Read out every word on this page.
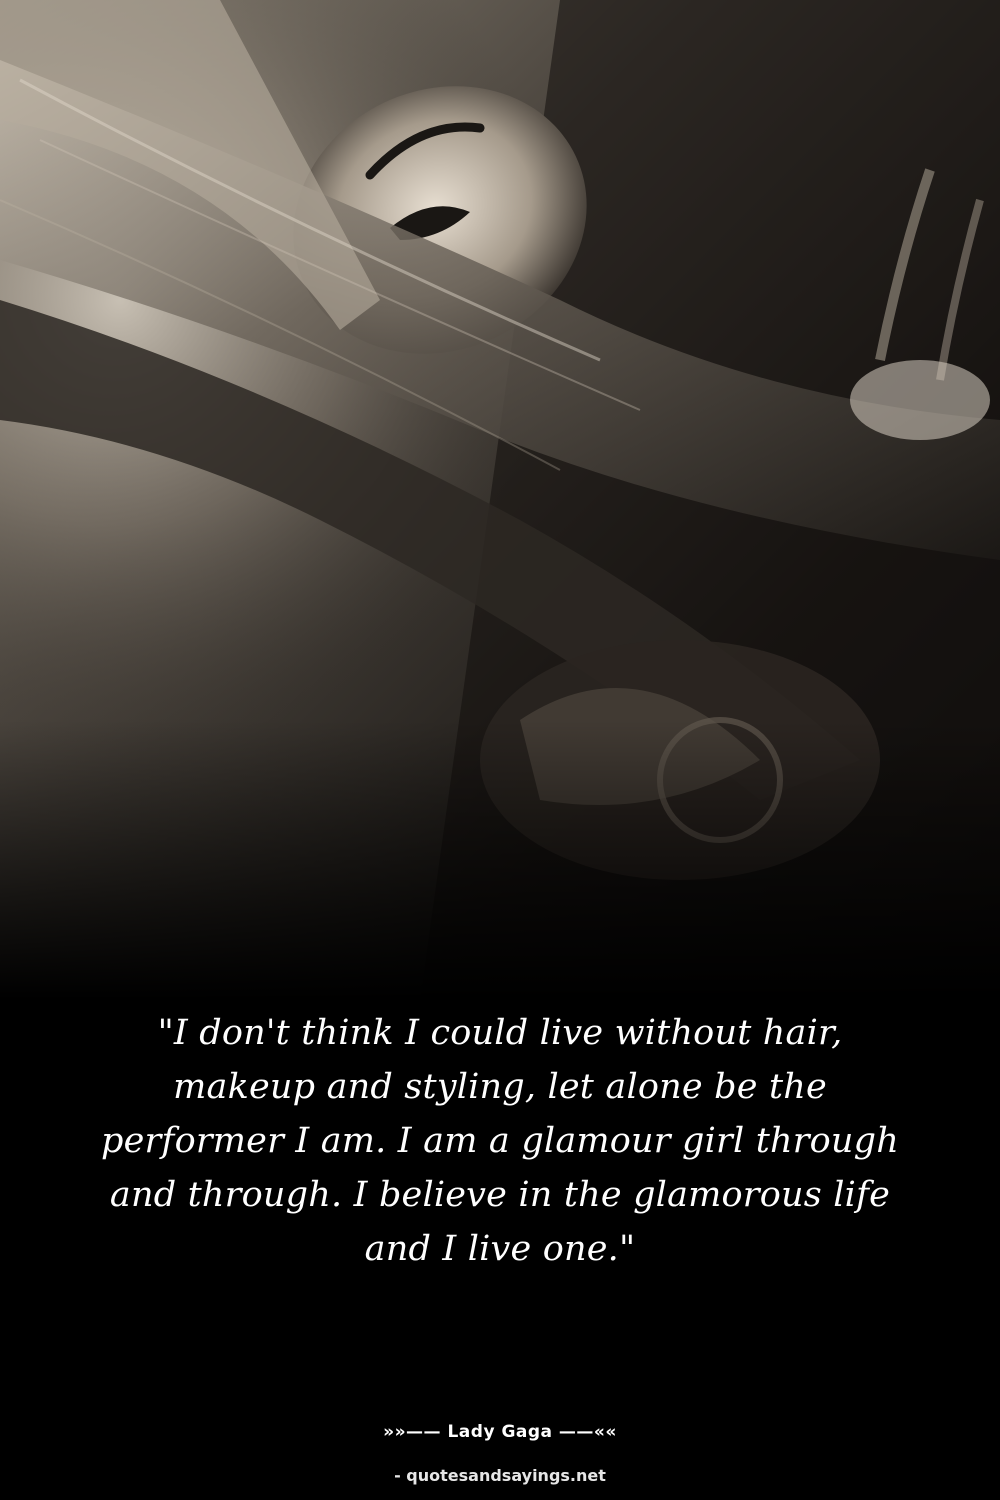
"I don't think I could live without hair, makeup and styling, let alone be the performer I am. I am a glamour girl through and through. I believe in the glamorous life and I live one."

»»—— Lady Gaga ——««

- quotesandsayings.net
